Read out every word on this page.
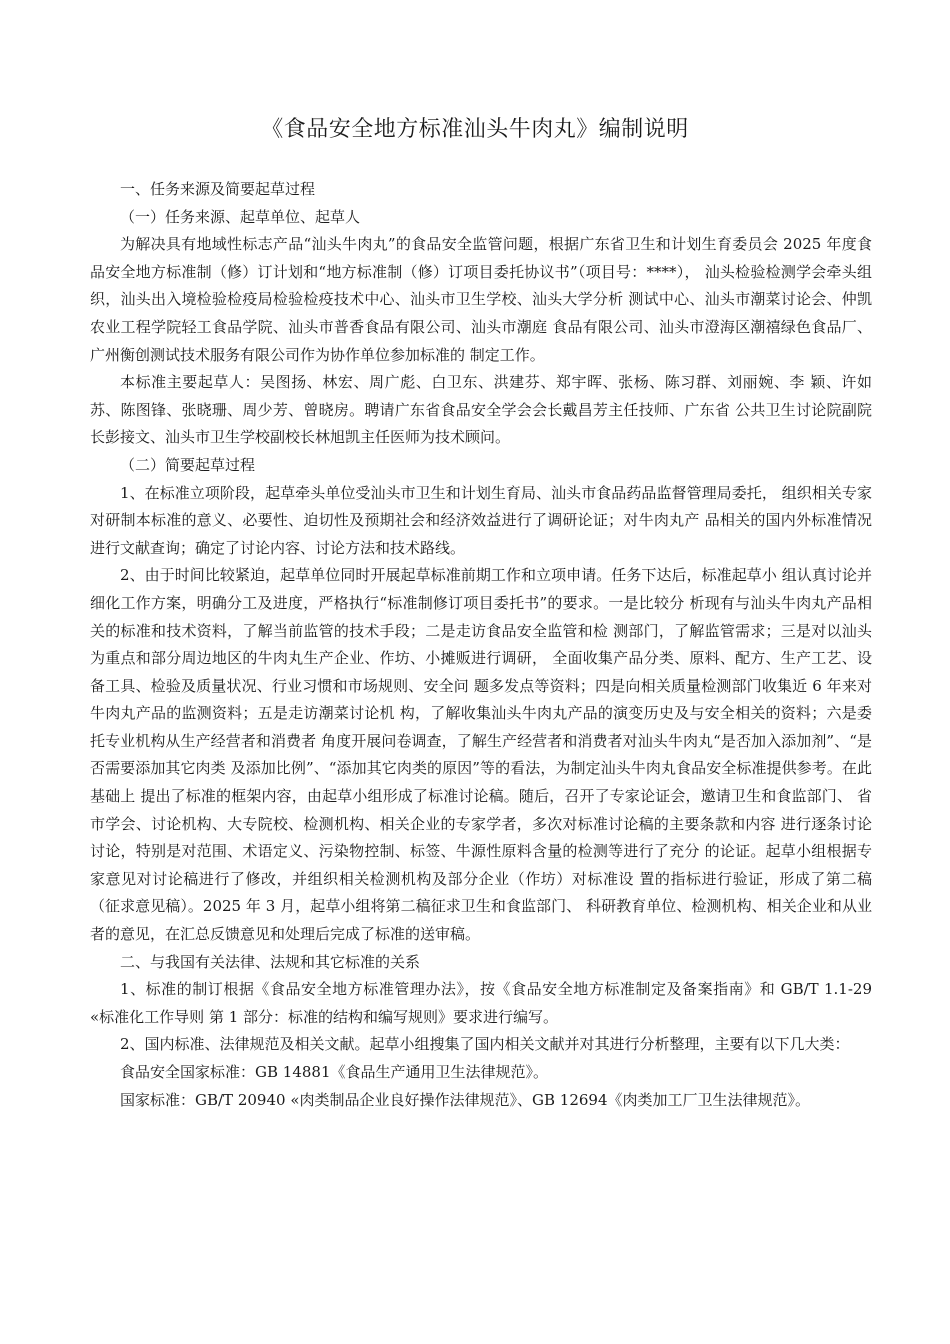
《食品安全地方标准汕头牛肉丸》编制说明

一、任务来源及简要起草过程

（一）任务来源、起草单位、起草人

为解决具有地域性标志产品“汕头牛肉丸”的食品安全监管问题，根据广东省卫生和计划生育委员会 2025 年度食品安全地方标准制（修）订计划和“地方标准制（修）订项目委托协议书”（项目号：****）， 汕头检验检测学会牵头组织，汕头出入境检验检疫局检验检疫技术中心、汕头市卫生学校、汕头大学分析 测试中心、汕头市潮菜讨论会、仲凯农业工程学院轻工食品学院、汕头市普香食品有限公司、汕头市潮庭 食品有限公司、汕头市澄海区潮禧绿色食品厂、广州衡创测试技术服务有限公司作为协作单位参加标准的 制定工作。

本标准主要起草人：吴图扬、林宏、周广彪、白卫东、洪建芬、郑宇晖、张杨、陈习群、刘丽婉、李 颖、许如苏、陈图锋、张晓珊、周少芳、曾晓房。聘请广东省食品安全学会会长戴昌芳主任技师、广东省 公共卫生讨论院副院长彭接文、汕头市卫生学校副校长林旭凯主任医师为技术顾问。

（二）简要起草过程

1、在标准立项阶段，起草牵头单位受汕头市卫生和计划生育局、汕头市食品药品监督管理局委托， 组织相关专家对研制本标准的意义、必要性、迫切性及预期社会和经济效益进行了调研论证；对牛肉丸产 品相关的国内外标准情况进行文献查询；确定了讨论内容、讨论方法和技术路线。

2、由于时间比较紧迫，起草单位同时开展起草标准前期工作和立项申请。任务下达后，标准起草小 组认真讨论并细化工作方案，明确分工及进度，严格执行“标准制修订项目委托书”的要求。一是比较分 析现有与汕头牛肉丸产品相关的标准和技术资料，了解当前监管的技术手段；二是走访食品安全监管和检 测部门，了解监管需求；三是对以汕头为重点和部分周边地区的牛肉丸生产企业、作坊、小摊贩进行调研， 全面收集产品分类、原料、配方、生产工艺、设备工具、检验及质量状况、行业习惯和市场规则、安全问 题多发点等资料；四是向相关质量检测部门收集近 6 年来对牛肉丸产品的监测资料；五是走访潮菜讨论机 构，了解收集汕头牛肉丸产品的演变历史及与安全相关的资料；六是委托专业机构从生产经营者和消费者 角度开展问卷调查，了解生产经营者和消费者对汕头牛肉丸“是否加入添加剂”、“是否需要添加其它肉类 及添加比例”、“添加其它肉类的原因”等的看法，为制定汕头牛肉丸食品安全标准提供参考。在此基础上 提出了标准的框架内容，由起草小组形成了标准讨论稿。随后，召开了专家论证会，邀请卫生和食监部门、 省市学会、讨论机构、大专院校、检测机构、相关企业的专家学者，多次对标准讨论稿的主要条款和内容 进行逐条讨论讨论，特别是对范围、术语定义、污染物控制、标签、牛源性原料含量的检测等进行了充分 的论证。起草小组根据专家意见对讨论稿进行了修改，并组织相关检测机构及部分企业（作坊）对标准设 置的指标进行验证，形成了第二稿（征求意见稿）。2025 年 3 月，起草小组将第二稿征求卫生和食监部门、 科研教育单位、检测机构、相关企业和从业者的意见，在汇总反馈意见和处理后完成了标准的送审稿。

二、与我国有关法律、法规和其它标准的关系

1、标准的制订根据《食品安全地方标准管理办法》，按《食品安全地方标准制定及备案指南》和 GB/T 1.1-29 «标准化工作导则 第 1 部分：标准的结构和编写规则》要求进行编写。

2、国内标准、法律规范及相关文献。起草小组搜集了国内相关文献并对其进行分析整理，主要有以下几大类：

食品安全国家标准：GB 14881《食品生产通用卫生法律规范》。

国家标准：GB/T 20940 «肉类制品企业良好操作法律规范》、GB 12694《肉类加工厂卫生法律规范》。
